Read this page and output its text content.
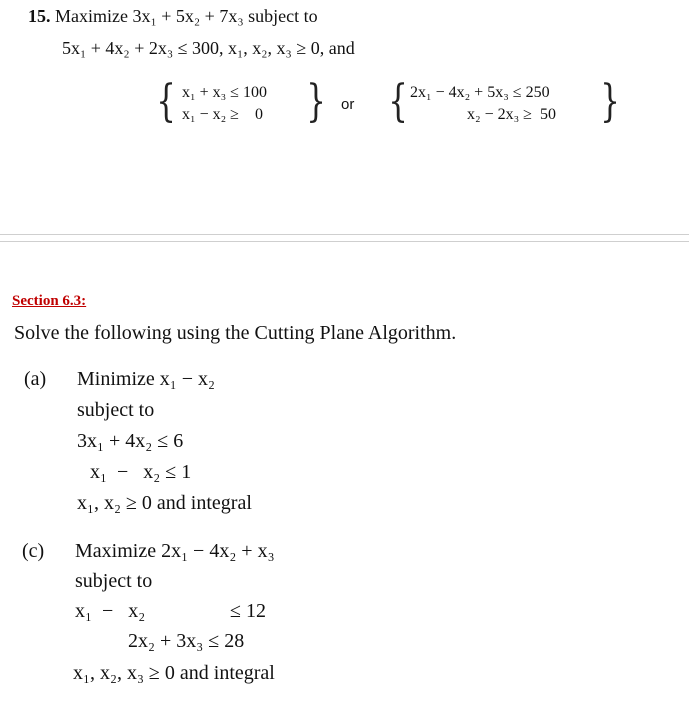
15. Maximize 3x₁ + 5x₂ + 7x₃ subject to
5x₁ + 4x₂ + 2x₃ ≤ 300, x₁, x₂, x₃ ≥ 0, and
{ x₁ + x₃ ≤ 100
x₁ − x₂ ≥    0 } or { 2x₁ − 4x₂ + 5x₃ ≤ 250
x₂ − 2x₃ ≥  50 }
Section 6.3:
Solve the following using the Cutting Plane Algorithm.
(a) Minimize x₁ − x₂
subject to
3x₁ + 4x₂ ≤ 6
x₁  −   x₂ ≤ 1
x₁, x₂ ≥ 0 and integral
(c) Maximize 2x₁ − 4x₂ + x₃
subject to
x₁  −   x₂	≤ 12
2x₂ + 3x₃ ≤ 28
x₁, x₂, x₃ ≥ 0 and integral
